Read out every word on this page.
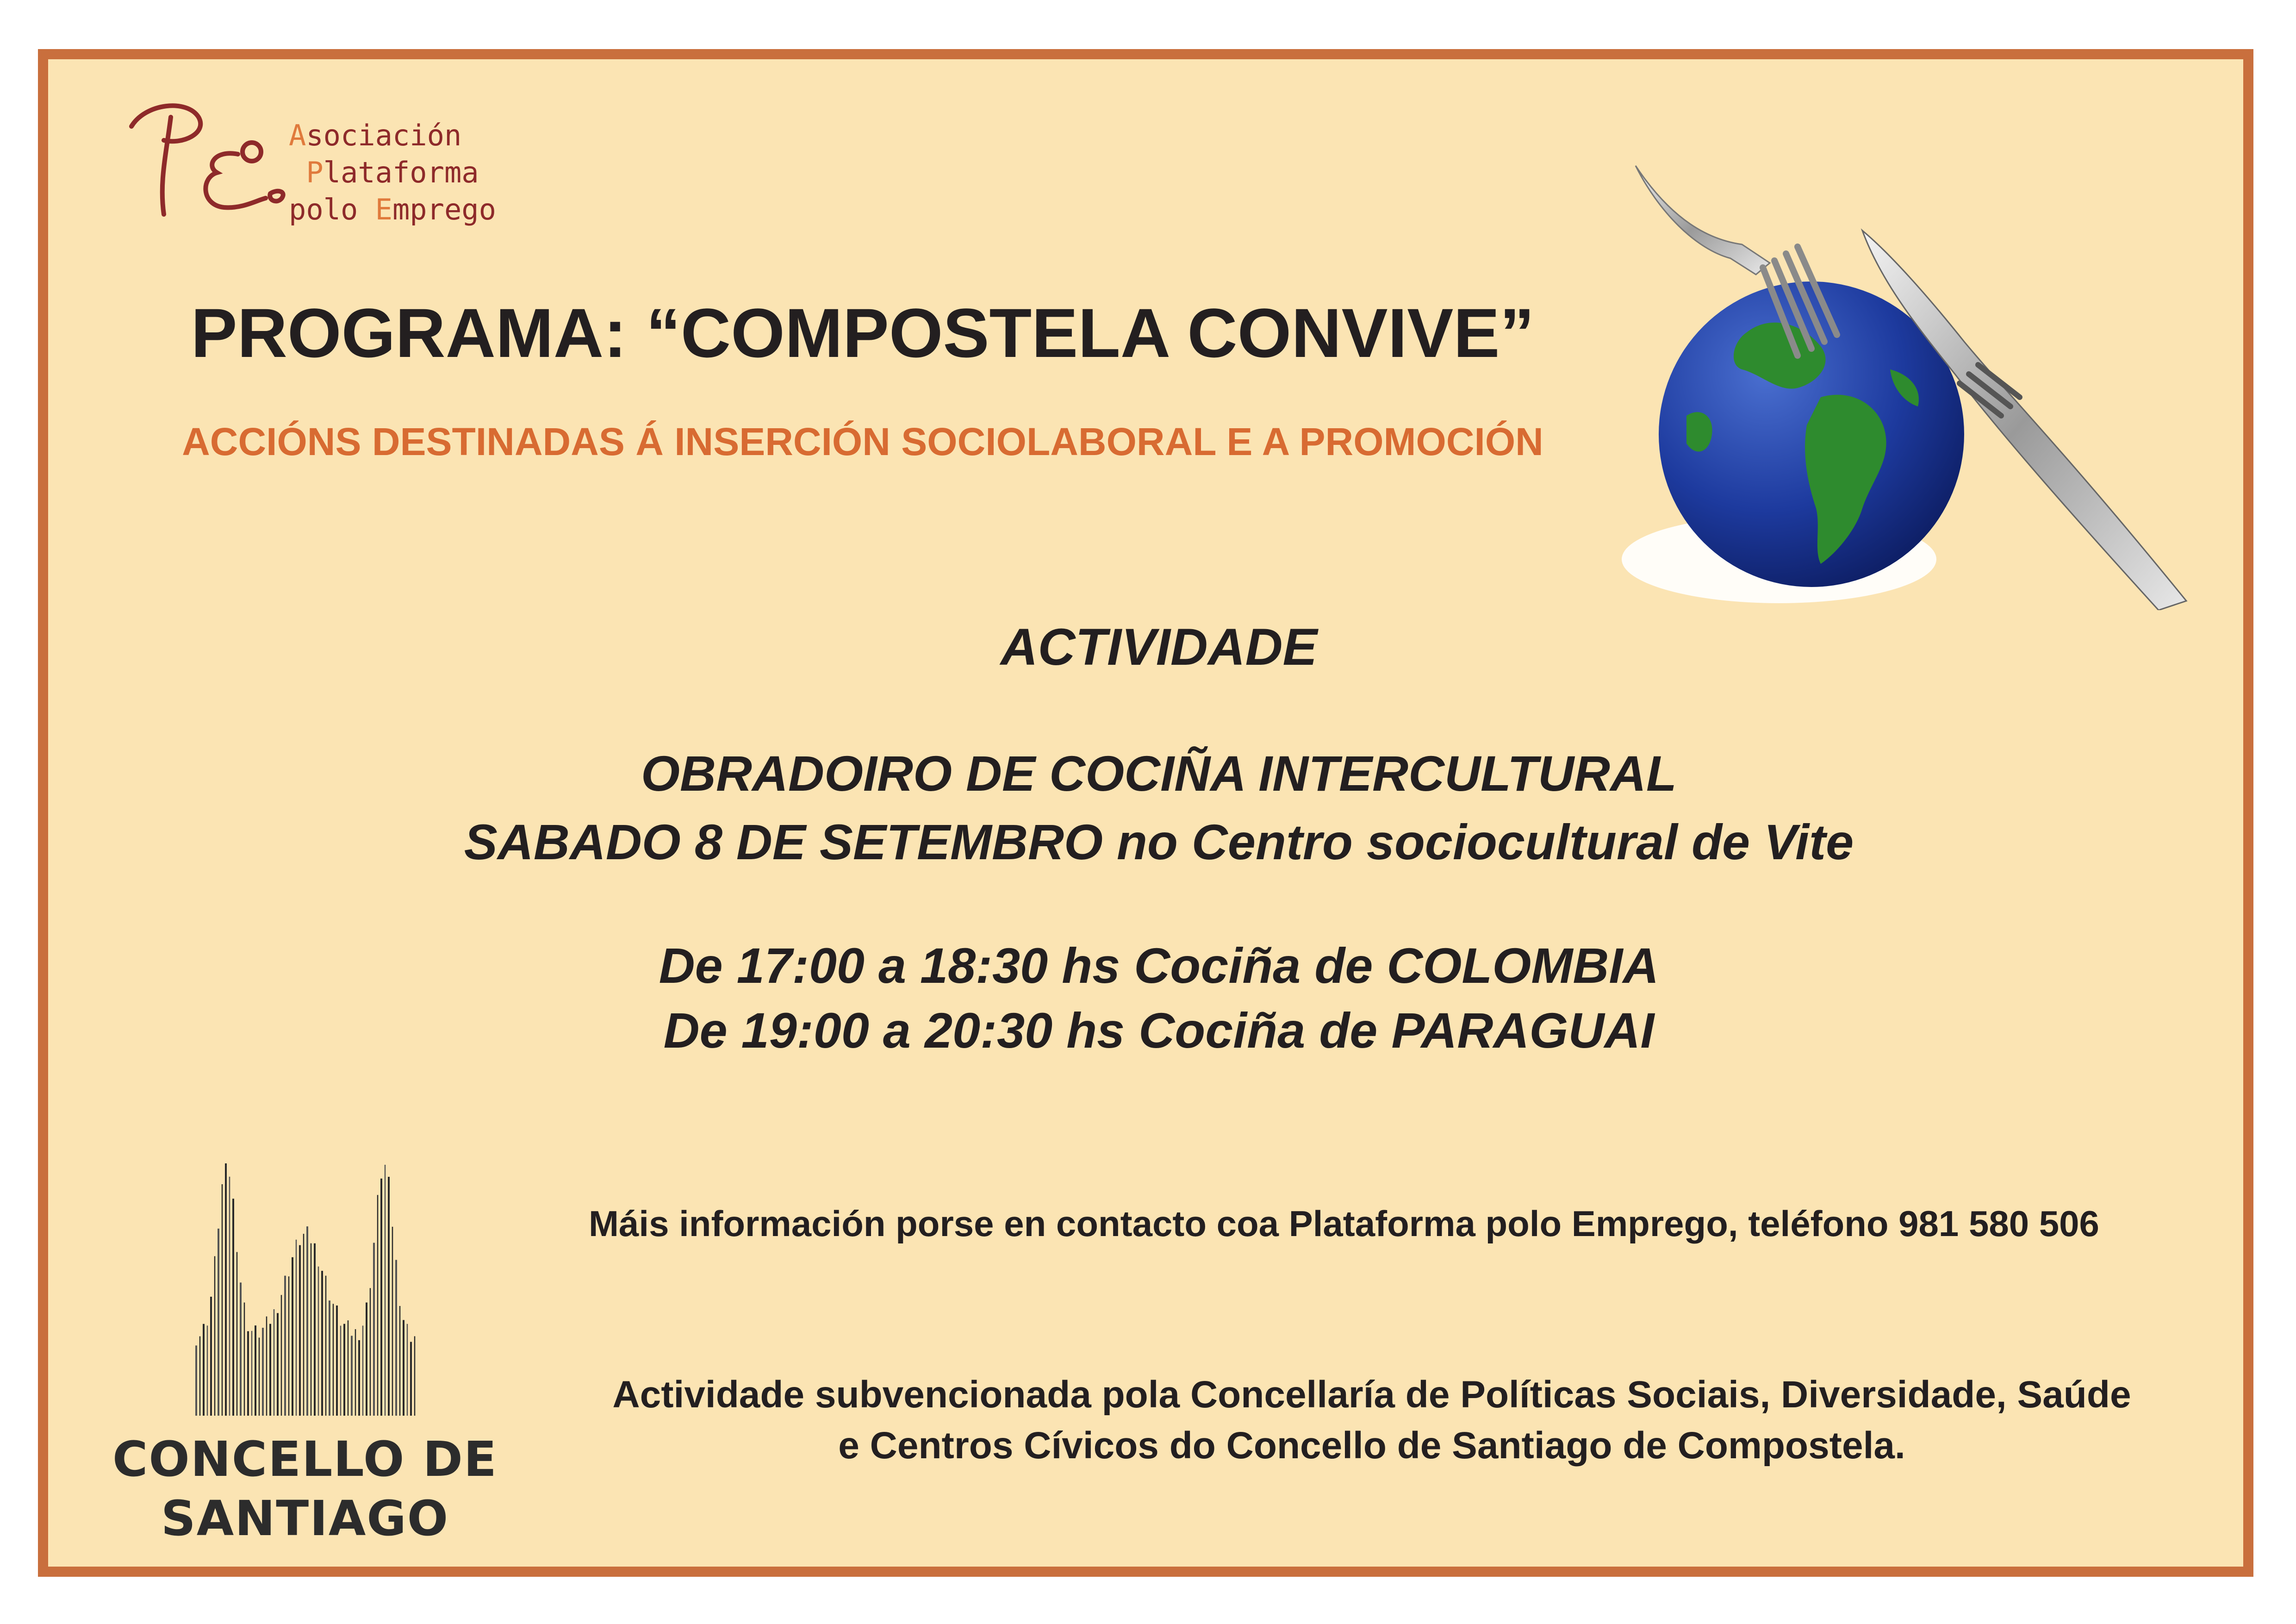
Asociación
Plataforma
polo Emprego
PROGRAMA: “COMPOSTELA CONVIVE”
ACCIÓNS DESTINADAS Á INSERCIÓN SOCIOLABORAL E A PROMOCIÓN
ACTIVIDADE
OBRADOIRO DE COCIÑA INTERCULTURAL
SABADO 8 DE SETEMBRO no Centro sociocultural de Vite
De 17:00 a 18:30 hs Cociña de COLOMBIA
De 19:00 a 20:30 hs Cociña de PARAGUAI
Máis información porse en contacto coa Plataforma polo Emprego, teléfono 981 580 506
Actividade subvencionada pola Concellaría de Políticas Sociais, Diversidade, Saúde
e Centros Cívicos do Concello de Santiago de Compostela.
CONCELLO DE
SANTIAGO
